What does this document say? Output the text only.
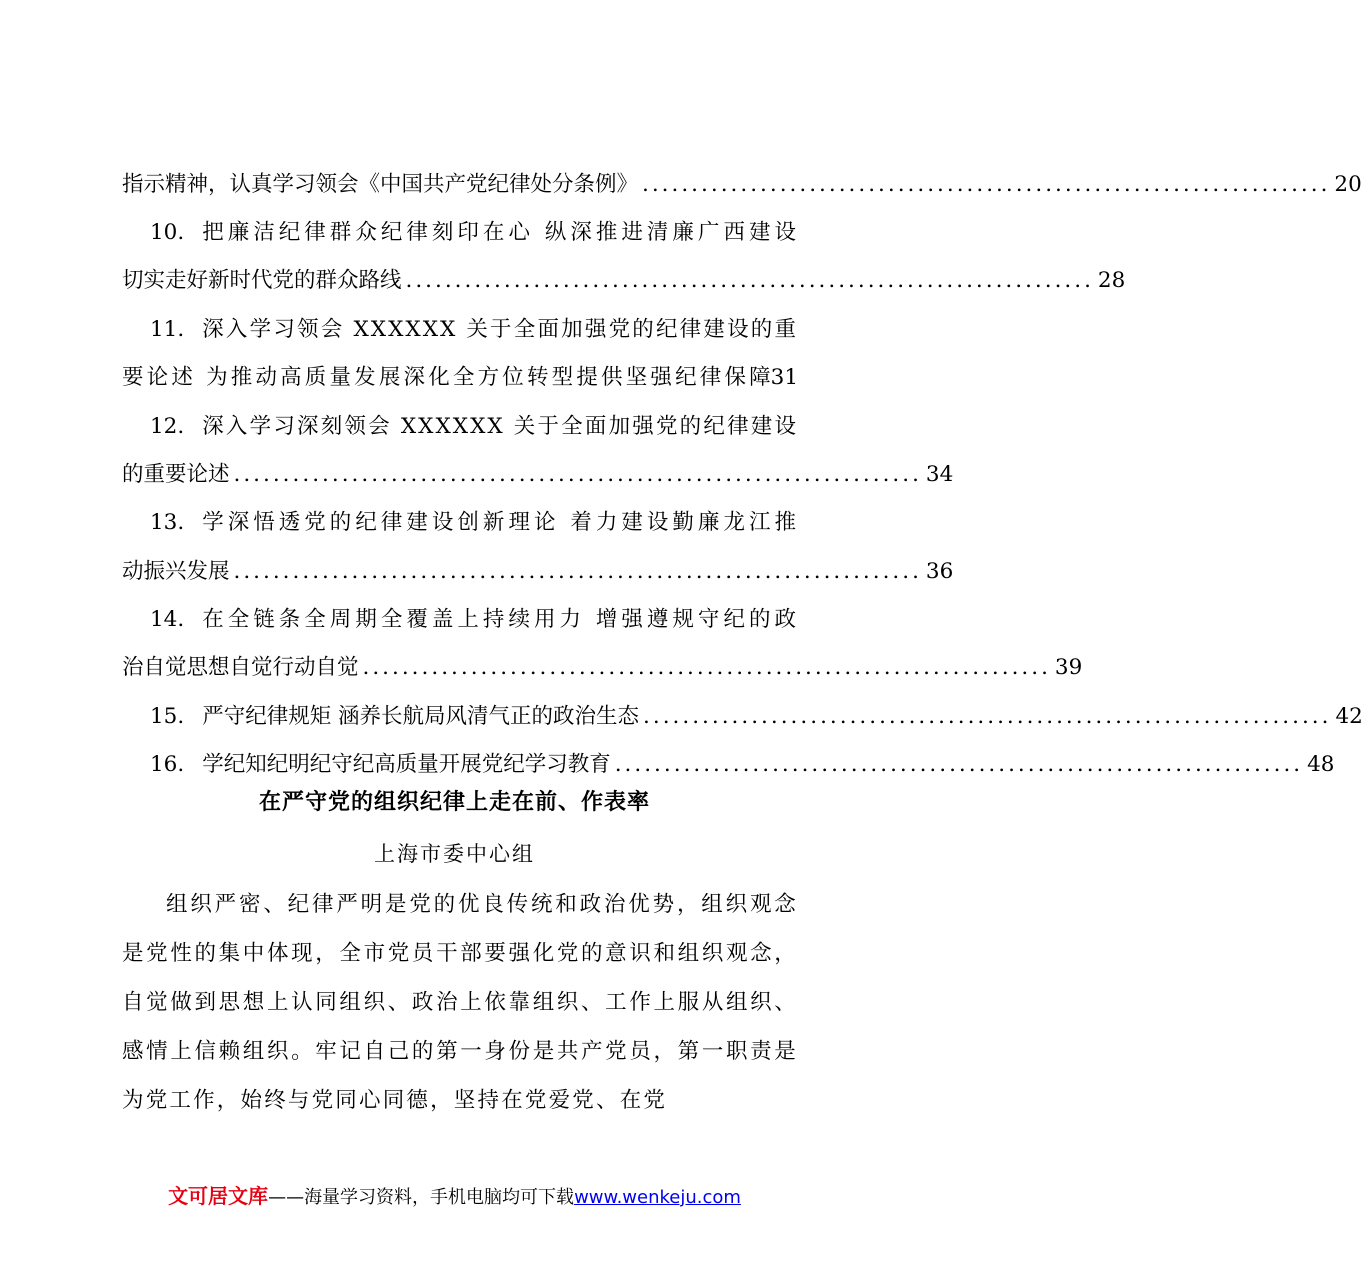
指示精神，认真学习领会《中国共产党纪律处分条例》 ...................................................................... 20
10. 把廉洁纪律群众纪律刻印在心 纵深推进清廉广西建设
切实走好新时代党的群众路线 ...................................................................... 28
11. 深入学习领会 XXXXXX 关于全面加强党的纪律建设的重
要论述 为推动高质量发展深化全方位转型提供坚强纪律保障 31
12. 深入学习深刻领会 XXXXXX 关于全面加强党的纪律建设
的重要论述 ...................................................................... 34
13. 学深悟透党的纪律建设创新理论 着力建设勤廉龙江推
动振兴发展 ...................................................................... 36
14. 在全链条全周期全覆盖上持续用力 增强遵规守纪的政
治自觉思想自觉行动自觉 ...................................................................... 39
15. 严守纪律规矩 涵养长航局风清气正的政治生态 ...................................................................... 42
16. 学纪知纪明纪守纪高质量开展党纪学习教育 ...................................................................... 48
在严守党的组织纪律上走在前、作表率
上海市委中心组
组织严密、纪律严明是党的优良传统和政治优势，组织观念是党性的集中体现，全市党员干部要强化党的意识和组织观念，自觉做到思想上认同组织、政治上依靠组织、工作上服从组织、感情上信赖组织。牢记自己的第一身份是共产党员，第一职责是为党工作，始终与党同心同德，坚持在党爱党、在党
文可居文库——海量学习资料，手机电脑均可下载www.wenkeju.com
